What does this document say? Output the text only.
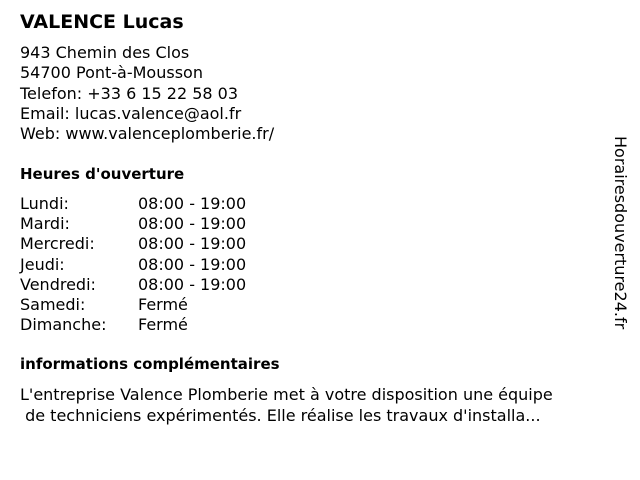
VALENCE Lucas
943 Chemin des Clos
54700 Pont-à-Mousson
Telefon: +33 6 15 22 58 03
Email: lucas.valence@aol.fr
Web: www.valenceplomberie.fr/
Heures d'ouverture
Lundi:	08:00 - 19:00
Mardi:	08:00 - 19:00
Mercredi:	08:00 - 19:00
Jeudi:	08:00 - 19:00
Vendredi:	08:00 - 19:00
Samedi:	Fermé
Dimanche:	Fermé
informations complémentaires

L'entreprise Valence Plomberie met à votre disposition une équipe
de techniciens expérimentés. Elle réalise les travaux d'installa...

Horairesdouverture24.fr
